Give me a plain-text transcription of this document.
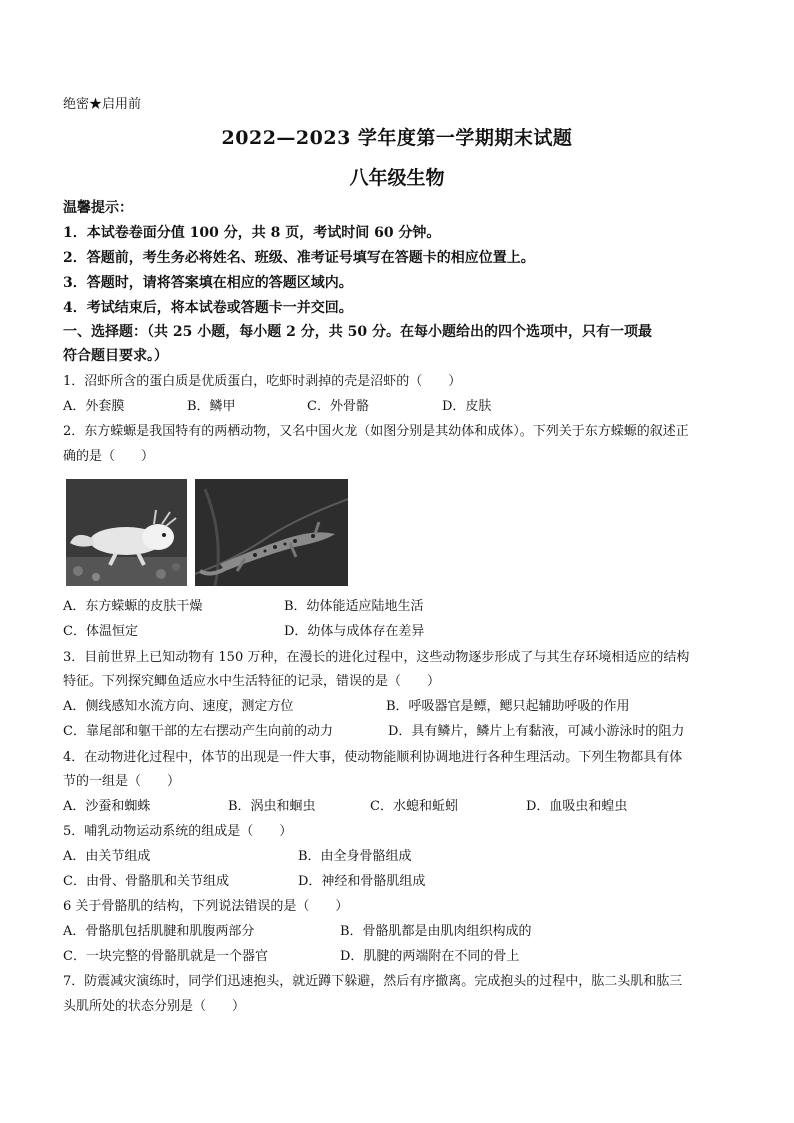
绝密★启用前
2022—2023 学年度第一学期期末试题
八年级生物
温馨提示：
1．本试卷卷面分值 100 分，共 8 页，考试时间 60 分钟。
2．答题前，考生务必将姓名、班级、准考证号填写在答题卡的相应位置上。
3．答题时，请将答案填在相应的答题区域内。
4．考试结束后，将本试卷或答题卡一并交回。
一、选择题：（共 25 小题，每小题 2 分，共 50 分。在每小题给出的四个选项中，只有一项最
符合题目要求。）
1．沼虾所含的蛋白质是优质蛋白，吃虾时剥掉的壳是沼虾的（　　）
A．外套膜	B．鳞甲	C．外骨骼	D．皮肤
2．东方蝾螈是我国特有的两栖动物，又名中国火龙（如图分别是其幼体和成体）。下列关于东方蝾螈的叙述正
确的是（　　）
A．东方蝾螈的皮肤干燥	B．幼体能适应陆地生活
C．体温恒定	D．幼体与成体存在差异
3．目前世界上已知动物有 150 万种，在漫长的进化过程中，这些动物逐步形成了与其生存环境相适应的结构
特征。下列探究鲫鱼适应水中生活特征的记录，错误的是（　　）
A．侧线感知水流方向、速度，测定方位	B．呼吸器官是鳔，鳃只起辅助呼吸的作用
C．靠尾部和躯干部的左右摆动产生向前的动力	D．具有鳞片，鳞片上有黏液，可减小游泳时的阻力
4．在动物进化过程中，体节的出现是一件大事，使动物能顺利协调地进行各种生理活动。下列生物都具有体
节的一组是（　　）
A．沙蚕和蜘蛛	B．涡虫和蛔虫	C．水螅和蚯蚓	D．血吸虫和蝗虫
5．哺乳动物运动系统的组成是（　　）
A．由关节组成	B．由全身骨骼组成
C．由骨、骨骼肌和关节组成	D．神经和骨骼肌组成
6 关于骨骼肌的结构，下列说法错误的是（　　）
A．骨骼肌包括肌腱和肌腹两部分	B．骨骼肌都是由肌肉组织构成的
C．一块完整的骨骼肌就是一个器官	D．肌腱的两端附在不同的骨上
7．防震减灾演练时，同学们迅速抱头，就近蹲下躲避，然后有序撤离。完成抱头的过程中，肱二头肌和肱三
头肌所处的状态分别是（　　）
